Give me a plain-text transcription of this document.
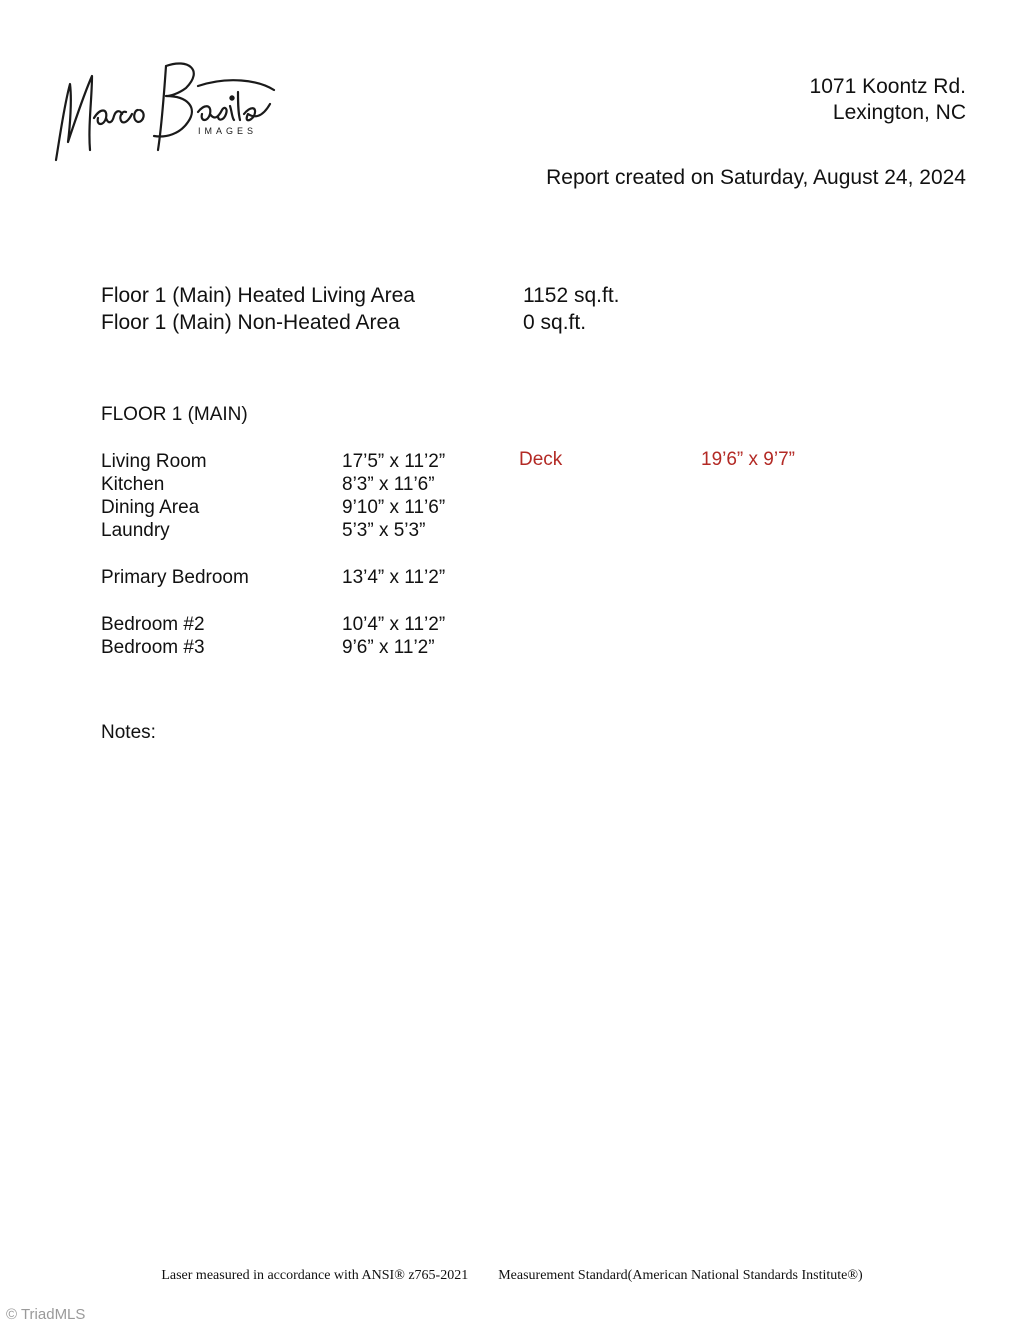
IMAGES
1071 Koontz Rd.
Lexington, NC
Report created on Saturday, August 24, 2024
Floor 1 (Main) Heated Living Area	1152 sq.ft.
Floor 1 (Main) Non-Heated Area	0 sq.ft.
FLOOR 1 (MAIN)
Living Room	17’5” x 11’2”
Kitchen	8’3” x 11’6”
Dining Area	9’10” x 11’6”
Laundry	5’3” x 5’3”
Primary Bedroom	13’4” x 11’2”
Bedroom #2	10’4” x 11’2”
Bedroom #3	9’6” x 11’2”
Deck	19’6” x 9’7”
Notes:
Laser measured in accordance with ANSI® z765-2021 Measurement Standard(American National Standards Institute®)
© TriadMLS
